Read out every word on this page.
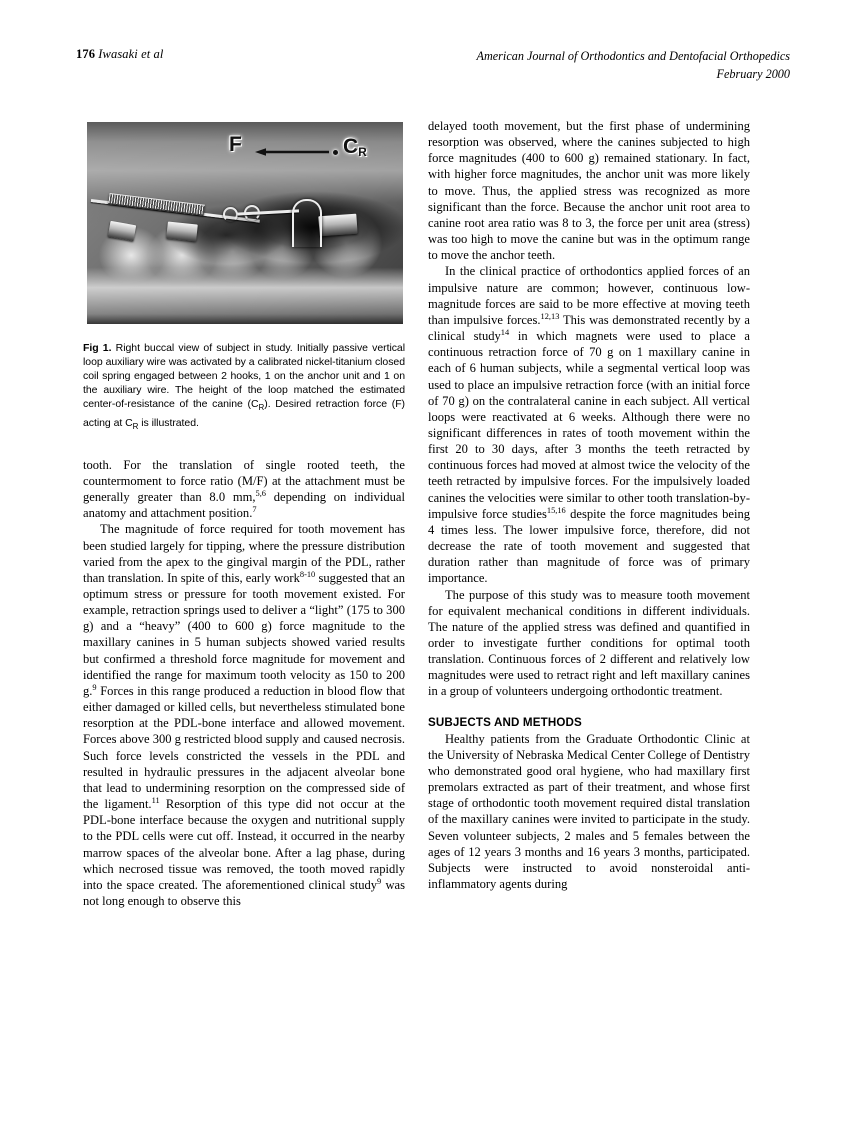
176 Iwasaki et al	American Journal of Orthodontics and Dentofacial Orthopedics
February 2000
F	$C_R$
Fig 1. Right buccal view of subject in study. Initially passive vertical loop auxiliary wire was activated by a calibrated nickel-titanium closed coil spring engaged between 2 hooks, 1 on the anchor unit and 1 on the auxiliary wire. The height of the loop matched the estimated center-of-resistance of the canine $(C_R)$. Desired retraction force (F) acting at $C_R$ is illustrated.

tooth. For the translation of single rooted teeth, the countermoment to force ratio (M/F) at the attachment must be generally greater than 8.0 mm,$^{5,6}$ depending on individual anatomy and attachment position.$^7$

The magnitude of force required for tooth movement has been studied largely for tipping, where the pressure distribution varied from the apex to the gingival margin of the PDL, rather than translation. In spite of this, early work$^{8-10}$ suggested that an optimum stress or pressure for tooth movement existed. For example, retraction springs used to deliver a “light” (175 to 300 g) and a “heavy” (400 to 600 g) force magnitude to the maxillary canines in 5 human subjects showed varied results but confirmed a threshold force magnitude for movement and identified the range for maximum tooth velocity as 150 to 200 g.$^9$ Forces in this range produced a reduction in blood flow that either damaged or killed cells, but nevertheless stimulated bone resorption at the PDL-bone interface and allowed movement. Forces above 300 g restricted blood supply and caused necrosis. Such force levels constricted the vessels in the PDL and resulted in hydraulic pressures in the adjacent alveolar bone that lead to undermining resorption on the compressed side of the ligament.$^{11}$ Resorption of this type did not occur at the PDL-bone interface because the oxygen and nutritional supply to the PDL cells were cut off. Instead, it occurred in the nearby marrow spaces of the alveolar bone. After a lag phase, during which necrosed tissue was removed, the tooth moved rapidly into the space created. The aforementioned clinical study$^9$ was not long enough to observe this

delayed tooth movement, but the first phase of undermining resorption was observed, where the canines subjected to high force magnitudes (400 to 600 g) remained stationary. In fact, with higher force magnitudes, the anchor unit was more likely to move. Thus, the applied stress was recognized as more significant than the force. Because the anchor unit root area to canine root area ratio was 8 to 3, the force per unit area (stress) was too high to move the canine but was in the optimum range to move the anchor teeth.

In the clinical practice of orthodontics applied forces of an impulsive nature are common; however, continuous low-magnitude forces are said to be more effective at moving teeth than impulsive forces.$^{12,13}$ This was demonstrated recently by a clinical study$^{14}$ in which magnets were used to place a continuous retraction force of 70 g on 1 maxillary canine in each of 6 human subjects, while a segmental vertical loop was used to place an impulsive retraction force (with an initial force of 70 g) on the contralateral canine in each subject. All vertical loops were reactivated at 6 weeks. Although there were no significant differences in rates of tooth movement within the first 20 to 30 days, after 3 months the teeth retracted by continuous forces had moved at almost twice the velocity of the teeth retracted by impulsive forces. For the impulsively loaded canines the velocities were similar to other tooth translation-by-impulsive force studies$^{15,16}$ despite the force magnitudes being 4 times less. The lower impulsive force, therefore, did not decrease the rate of tooth movement and suggested that duration rather than magnitude of force was of primary importance.

The purpose of this study was to measure tooth movement for equivalent mechanical conditions in different individuals. The nature of the applied stress was defined and quantified in order to investigate further conditions for optimal tooth translation. Continuous forces of 2 different and relatively low magnitudes were used to retract right and left maxillary canines in a group of volunteers undergoing orthodontic treatment.

SUBJECTS AND METHODS

Healthy patients from the Graduate Orthodontic Clinic at the University of Nebraska Medical Center College of Dentistry who demonstrated good oral hygiene, who had maxillary first premolars extracted as part of their treatment, and whose first stage of orthodontic tooth movement required distal translation of the maxillary canines were invited to participate in the study. Seven volunteer subjects, 2 males and 5 females between the ages of 12 years 3 months and 16 years 3 months, participated. Subjects were instructed to avoid nonsteroidal anti-inflammatory agents during
